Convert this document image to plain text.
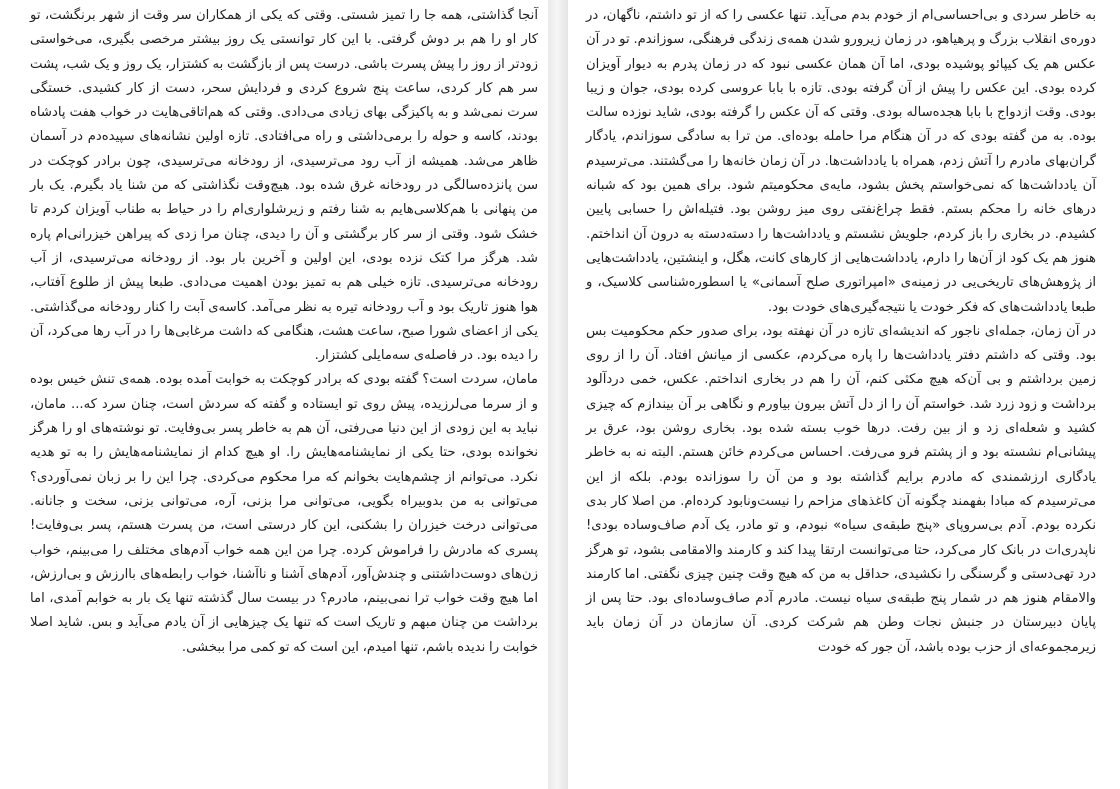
آنجا گذاشتی، همه جا را تمیز شستی. وقتی که یکی از همکاران سر وقت از شهر برنگشت، تو کار او را هم بر دوش گرفتی. با این کار توانستی یک روز بیشتر مرخصی بگیری، می‌خواستی زودتر از روز را پیش پسرت باشی. درست پس از بازگشت به کشتزار، یک روز و یک شب، پشت سر هم کار کردی، ساعت پنج شروع کردی و فردایش سحر، دست از کار کشیدی. خستگی سرت نمی‌شد و به پاکیزگی بهای زیادی می‌دادی. وقتی که هم‌اتاقی‌هایت در خواب هفت پادشاه بودند، کاسه و حوله را برمی‌داشتی و راه می‌افتادی. تازه اولین نشانه‌های سپیده‌دم در آسمان ظاهر می‌شد. همیشه از آب رود می‌ترسیدی، از رودخانه می‌ترسیدی، چون برادر کوچکت در سن پانزده‌سالگی در رودخانه غرق شده بود. هیچ‌وقت نگذاشتی که من شنا یاد بگیرم. یک بار من پنهانی با هم‌کلاسی‌هایم به شنا رفتم و زیرشلواری‌ام را در حیاط به طناب آویزان کردم تا خشک شود. وقتی از سر کار برگشتی و آن را دیدی، چنان مرا زدی که پیراهن خیزرانی‌ام پاره شد. هرگز مرا کتک نزده بودی، این اولین و آخرین بار بود. از رودخانه می‌ترسیدی، از آب رودخانه می‌ترسیدی. تازه خیلی هم به تمیز بودن اهمیت می‌دادی. طبعا پیش از طلوع آفتاب، هوا هنوز تاریک بود و آب رودخانه تیره به نظر می‌آمد. کاسه‌ی آبت را کنار رودخانه می‌گذاشتی. یکی از اعضای شورا صبح، ساعت هشت، هنگامی که داشت مرغابی‌ها را در آب رها می‌کرد، آن را دیده بود. در فاصله‌ی سه‌مایلی کشتزار.

مامان، سردت است؟ گفته بودی که برادر کوچکت به خوابت آمده بوده. همه‌ی تنش خیس بوده و از سرما می‌لرزیده، پیش روی تو ایستاده و گفته که سردش است، چنان سرد که... مامان، نباید به این زودی از این دنیا می‌رفتی، آن هم به خاطر پسر بی‌وفایت. تو نوشته‌های او را هرگز نخوانده بودی، حتا یکی از نمایشنامه‌هایش را. او هیچ کدام از نمایشنامه‌هایش را به تو هدیه نکرد. می‌توانم از چشم‌هایت بخوانم که مرا محکوم می‌کردی. چرا این را بر زبان نمی‌آوردی؟ می‌توانی به من بدوبیراه بگویی، می‌توانی مرا بزنی، آره، می‌توانی بزنی، سخت و جانانه. می‌توانی درخت خیزران را بشکنی، این کار درستی است، من پسرت هستم، پسر بی‌وفایت! پسری که مادرش را فراموش کرده. چرا من این همه خواب آدم‌های مختلف را می‌بینم، خواب زن‌های دوست‌داشتنی و چندش‌آور، آدم‌های آشنا و ناآشنا، خواب رابطه‌های باارزش و بی‌ارزش، اما هیچ وقت خواب ترا نمی‌بینم، مادرم؟ در بیست سال گذشته تنها یک بار به خوابم آمدی، اما برداشت من چنان مبهم و تاریک است که تنها یک چیزهایی از آن یادم می‌آید و بس. شاید اصلا خوابت را ندیده باشم، تنها امیدم، این است که تو کمی مرا ببخشی.

به خاطر سردی و بی‌احساسی‌ام از خودم بدم می‌آید. تنها عکسی را که از تو داشتم، ناگهان، در دوره‌ی انقلاب بزرگ و پرهیاهو، در زمان زیرورو شدن همه‌ی زندگی فرهنگی، سوزاندم. تو در آن عکس هم یک کیپائو پوشیده بودی، اما آن همان عکسی نبود که در زمان پدرم به دیوار آویزان کرده بودی. این عکس را پیش از آن گرفته بودی. تازه با بابا عروسی کرده بودی، جوان و زیبا بودی. وقت ازدواج با بابا هجده‌ساله بودی. وقتی که آن عکس را گرفته بودی، شاید نوزده سالت بوده. به من گفته بودی که در آن هنگام مرا حامله بوده‌ای. من ترا به سادگی سوزاندم، یادگار گران‌بهای مادرم را آتش زدم، همراه با یادداشت‌ها. در آن زمان خانه‌ها را می‌گشتند. می‌ترسیدم آن یادداشت‌ها که نمی‌خواستم پخش بشود، مایه‌ی محکومیتم شود. برای همین بود که شبانه درهای خانه را محکم بستم. فقط چراغ‌نفتی روی میز روشن بود. فتیله‌اش را حسابی پایین کشیدم. در بخاری را باز کردم، جلویش نشستم و یادداشت‌ها را دسته‌دسته به درون آن انداختم. هنوز هم یک کود از آن‌ها را دارم، یادداشت‌هایی از کارهای کانت، هگل، و اینشتین، یادداشت‌هایی از پژوهش‌های تاریخی‌یی در زمینه‌ی «امپراتوری صلح آسمانی» یا اسطوره‌شناسی کلاسیک، و طبعا یادداشت‌های که فکر خودت یا نتیجه‌گیری‌های خودت بود.

در آن زمان، جمله‌ای ناجور که اندیشه‌ای تازه در آن نهفته بود، برای صدور حکم محکومیت بس بود. وقتی که داشتم دفتر یادداشت‌ها را پاره می‌کردم، عکسی از میانش افتاد. آن را از روی زمین برداشتم و بی آن‌که هیچ مکثی کنم، آن را هم در بخاری انداختم. عکس، خمی دردآلود برداشت و زود زرد شد. خواستم آن را از دل آتش بیرون بیاورم و نگاهی بر آن بیندازم که چیزی کشید و شعله‌ای زد و از بین رفت. درها خوب بسته شده بود. بخاری روشن بود، عرق بر پیشانی‌ام نشسته بود و از پشتم فرو می‌رفت. احساس می‌کردم خائن هستم. البته نه به خاطر یادگاری ارزشمندی که مادرم برایم گذاشته بود و من آن را سوزانده بودم. بلکه از این می‌ترسیدم که مبادا بفهمند چگونه آن کاغذهای مزاحم را نیست‌ونابود کرده‌ام. من اصلا کار بدی نکرده بودم. آدم بی‌سروپای «پنج طبقه‌ی سیاه» نبودم، و تو مادر، یک آدم صاف‌وساده بودی! ناپدری‌ات در بانک کار می‌کرد، حتا می‌توانست ارتقا پیدا کند و کارمند والامقامی بشود، تو هرگز درد تهی‌دستی و گرسنگی را نکشیدی، حداقل به من که هیچ وقت چنین چیزی نگفتی. اما کارمند والامقام هنوز هم در شمار پنج طبقه‌ی سیاه نیست. مادرم آدم صاف‌وساده‌ای بود. حتا پس از پایان دبیرستان در جنبش نجات وطن هم شرکت کردی. آن سازمان در آن زمان باید زیرمجموعه‌ای از حزب بوده باشد، آن جور که خودت
